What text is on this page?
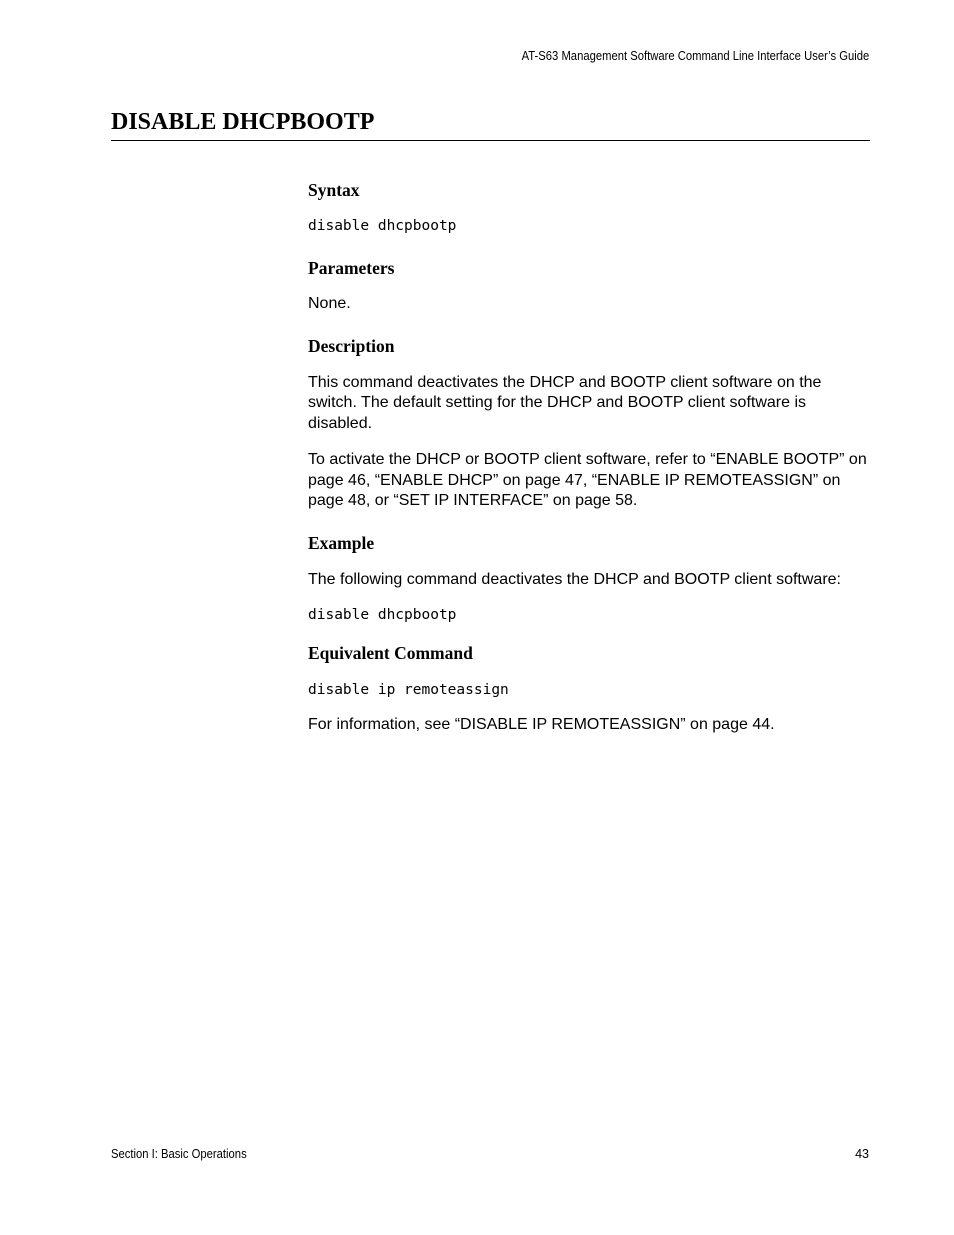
AT-S63 Management Software Command Line Interface User’s Guide
DISABLE DHCPBOOTP
Syntax

disable dhcpbootp

Parameters

None.

Description

This command deactivates the DHCP and BOOTP client software on the switch. The default setting for the DHCP and BOOTP client software is disabled.

To activate the DHCP or BOOTP client software, refer to “ENABLE BOOTP” on page 46, “ENABLE DHCP” on page 47, “ENABLE IP REMOTEASSIGN” on page 48, or “SET IP INTERFACE” on page 58.

Example

The following command deactivates the DHCP and BOOTP client software:

disable dhcpbootp

Equivalent Command

disable ip remoteassign

For information, see “DISABLE IP REMOTEASSIGN” on page 44.

Section I: Basic Operations	43
